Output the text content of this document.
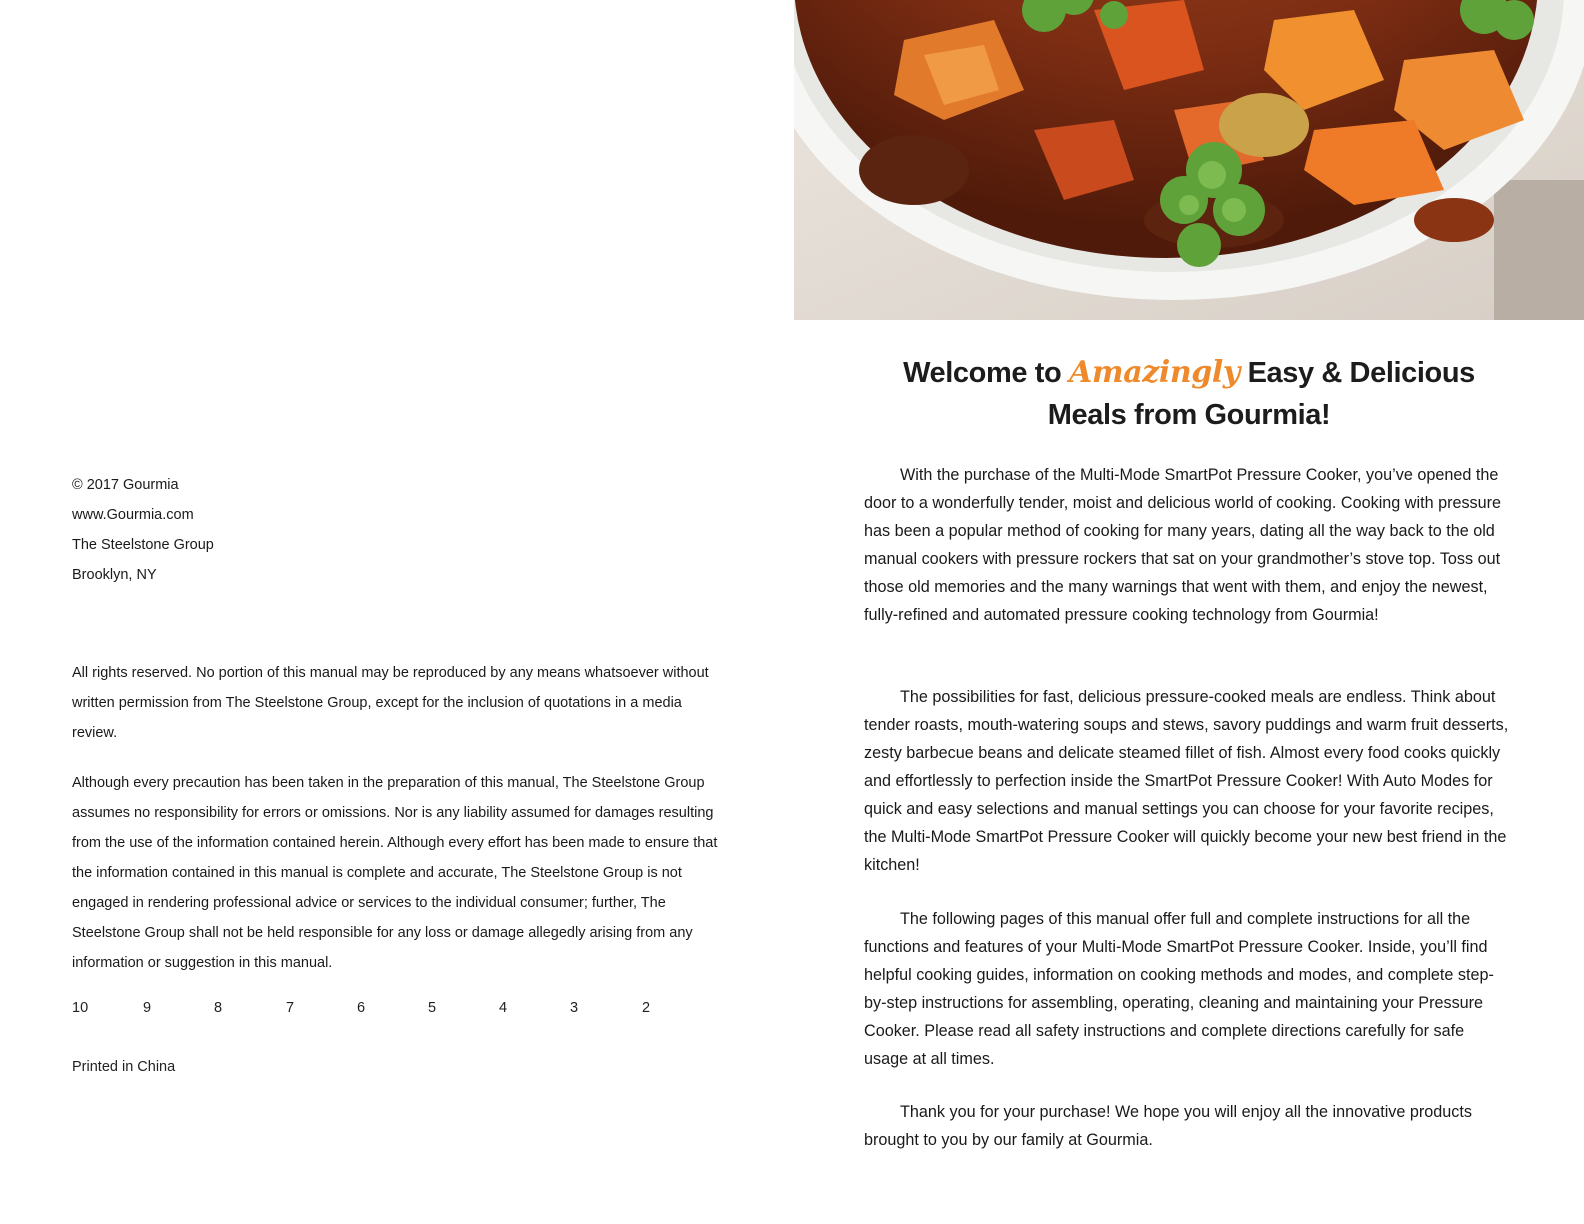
© 2017 Gourmia
www.Gourmia.com
The Steelstone Group
Brooklyn, NY

All rights reserved. No portion of this manual may be reproduced by any means whatsoever without written permission from The Steelstone Group, except for the inclusion of quotations in a media review.

Although every precaution has been taken in the preparation of this manual, The Steelstone Group assumes no responsibility for errors or omissions. Nor is any liability assumed for damages resulting from the use of the information contained herein. Although every effort has been made to ensure that the information contained in this manual is complete and accurate, The Steelstone Group is not engaged in rendering professional advice or services to the individual consumer; further, The Steelstone Group shall not be held responsible for any loss or damage allegedly arising from any information or suggestion in this manual.

10	9	8	7	6	5	4	3	2
Printed in China
Welcome to Amazingly Easy & Delicious
Meals from Gourmia!

With the purchase of the Multi-Mode SmartPot Pressure Cooker, you’ve opened the door to a wonderfully tender, moist and delicious world of cooking. Cooking with pressure has been a popular method of cooking for many years, dating all the way back to the old manual cookers with pressure rockers that sat on your grandmother’s stove top. Toss out those old memories and the many warnings that went with them, and enjoy the newest, fully-refined and automated pressure cooking technology from Gourmia!

The possibilities for fast, delicious pressure-cooked meals are endless. Think about tender roasts, mouth-watering soups and stews, savory puddings and warm fruit desserts, zesty barbecue beans and delicate steamed fillet of fish. Almost every food cooks quickly and effortlessly to perfection inside the SmartPot Pressure Cooker! With Auto Modes for quick and easy selections and manual settings you can choose for your favorite recipes, the Multi-Mode SmartPot Pressure Cooker will quickly become your new best friend in the kitchen!

The following pages of this manual offer full and complete instructions for all the functions and features of your Multi-Mode SmartPot Pressure Cooker. Inside, you’ll find helpful cooking guides, information on cooking methods and modes, and complete step-by-step instructions for assembling, operating, cleaning and maintaining your Pressure Cooker. Please read all safety instructions and complete directions carefully for safe usage at all times.

Thank you for your purchase! We hope you will enjoy all the innovative products brought to you by our family at Gourmia.
